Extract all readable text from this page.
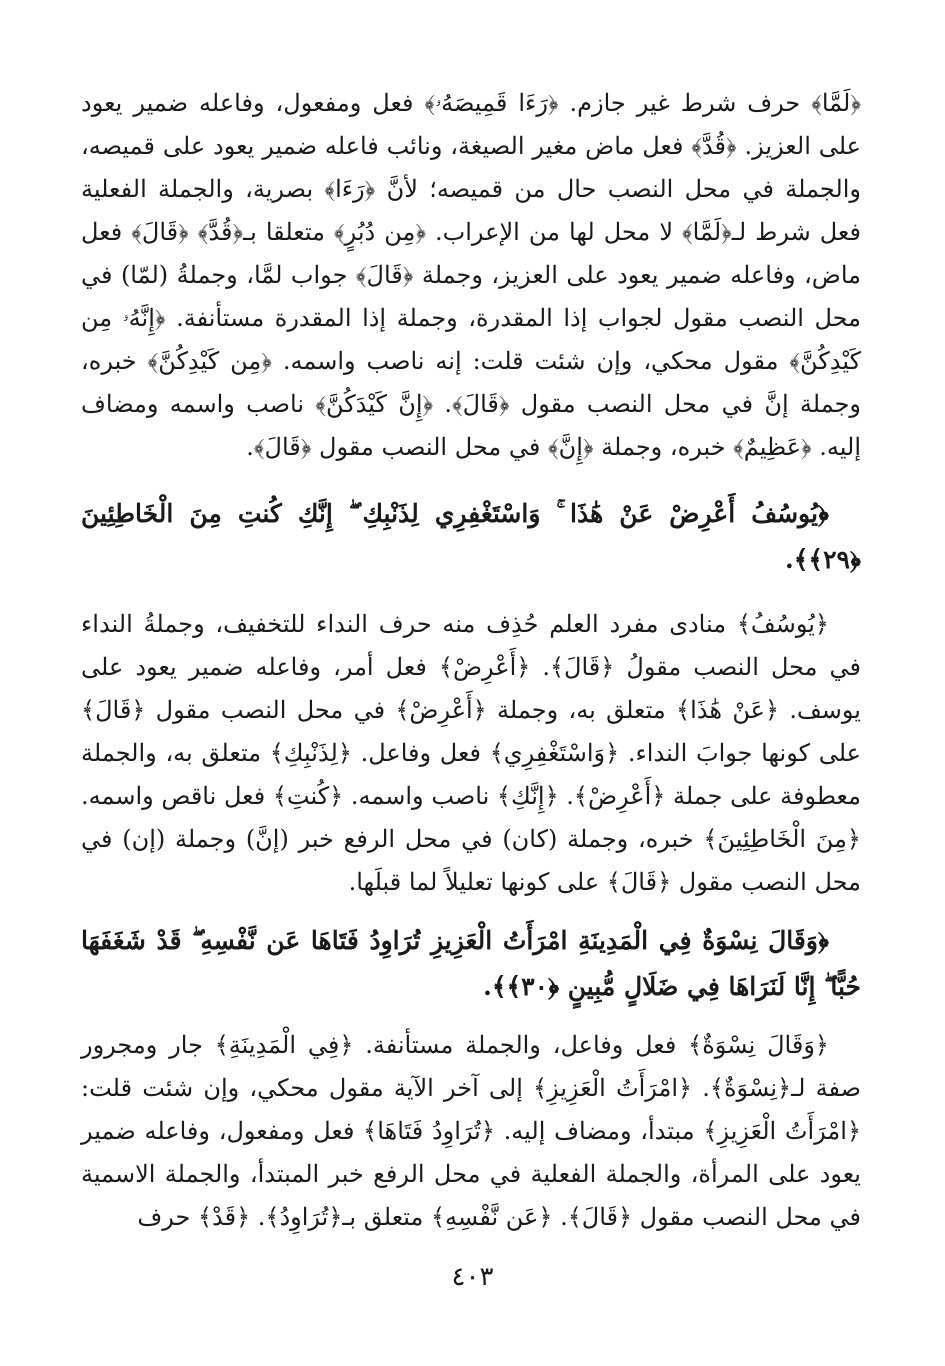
﴿لَمَّا﴾ حرف شرط غير جازم. ﴿رَءَا قَمِيصَهُۥ﴾ فعل ومفعول، وفاعله ضمير يعود على العزيز. ﴿قُدَّ﴾ فعل ماض مغير الصيغة، ونائب فاعله ضمير يعود على قميصه، والجملة في محل النصب حال من قميصه؛ لأنَّ ﴿رَءَا﴾ بصرية، والجملة الفعلية فعل شرط لـ﴿لَمَّا﴾ لا محل لها من الإعراب. ﴿مِن دُبُرٍ﴾ متعلقا بـ﴿قُدَّ﴾ ﴿قَالَ﴾ فعل ماض، وفاعله ضمير يعود على العزيز، وجملة ﴿قَالَ﴾ جواب لمَّا، وجملةُ (لمّا) في محل النصب مقول لجواب إذا المقدرة، وجملة إذا المقدرة مستأنفة. ﴿إِنَّهُۥ مِن كَيْدِكُنَّ﴾ مقول محكي، وإن شئت قلت: إنه ناصب واسمه. ﴿مِن كَيْدِكُنَّ﴾ خبره، وجملة إنَّ في محل النصب مقول ﴿قَالَ﴾. ﴿إِنَّ كَيْدَكُنَّ﴾ ناصب واسمه ومضاف إليه. ﴿عَظِيمٌ﴾ خبره، وجملة ﴿إِنَّ﴾ في محل النصب مقول ﴿قَالَ﴾.

﴿يُوسُفُ أَعْرِضْ عَنْ هَٰذَا ۚ وَاسْتَغْفِرِي لِذَنْبِكِ ۖ إِنَّكِ كُنتِ مِنَ الْخَاطِئِينَ ﴿٢٩﴾﴾.

﴿يُوسُفُ﴾ منادى مفرد العلم حُذِف منه حرف النداء للتخفيف، وجملةُ النداء في محل النصب مقولُ ﴿قَالَ﴾. ﴿أَعْرِضْ﴾ فعل أمر، وفاعله ضمير يعود على يوسف. ﴿عَنْ هَٰذَا﴾ متعلق به، وجملة ﴿أَعْرِضْ﴾ في محل النصب مقول ﴿قَالَ﴾ على كونها جوابَ النداء. ﴿وَاسْتَغْفِرِي﴾ فعل وفاعل. ﴿لِذَنْبِكِ﴾ متعلق به، والجملة معطوفة على جملة ﴿أَعْرِضْ﴾. ﴿إِنَّكِ﴾ ناصب واسمه. ﴿كُنتِ﴾ فعل ناقص واسمه. ﴿مِنَ الْخَاطِئِينَ﴾ خبره، وجملة (كان) في محل الرفع خبر (إنَّ) وجملة (إن) في محل النصب مقول ﴿قَالَ﴾ على كونها تعليلاً لما قبلَها.

﴿وَقَالَ نِسْوَةٌ فِي الْمَدِينَةِ امْرَأَتُ الْعَزِيزِ تُرَاوِدُ فَتَاهَا عَن نَّفْسِهِ ۖ قَدْ شَغَفَهَا حُبًّا ۖ إِنَّا لَنَرَاهَا فِي ضَلَالٍ مُّبِينٍ ﴿٣٠﴾﴾.

﴿وَقَالَ نِسْوَةٌ﴾ فعل وفاعل، والجملة مستأنفة. ﴿فِي الْمَدِينَةِ﴾ جار ومجرور صفة لـ﴿نِسْوَةٌ﴾. ﴿امْرَأَتُ الْعَزِيزِ﴾ إلى آخر الآية مقول محكي، وإن شئت قلت: ﴿امْرَأَتُ الْعَزِيزِ﴾ مبتدأ، ومضاف إليه. ﴿تُرَاوِدُ فَتَاهَا﴾ فعل ومفعول، وفاعله ضمير يعود على المرأة، والجملة الفعلية في محل الرفع خبر المبتدأ، والجملة الاسمية في محل النصب مقول ﴿قَالَ﴾. ﴿عَن نَّفْسِهِ﴾ متعلق بـ﴿تُرَاوِدُ﴾. ﴿قَدْ﴾ حرف

٤٠٣
